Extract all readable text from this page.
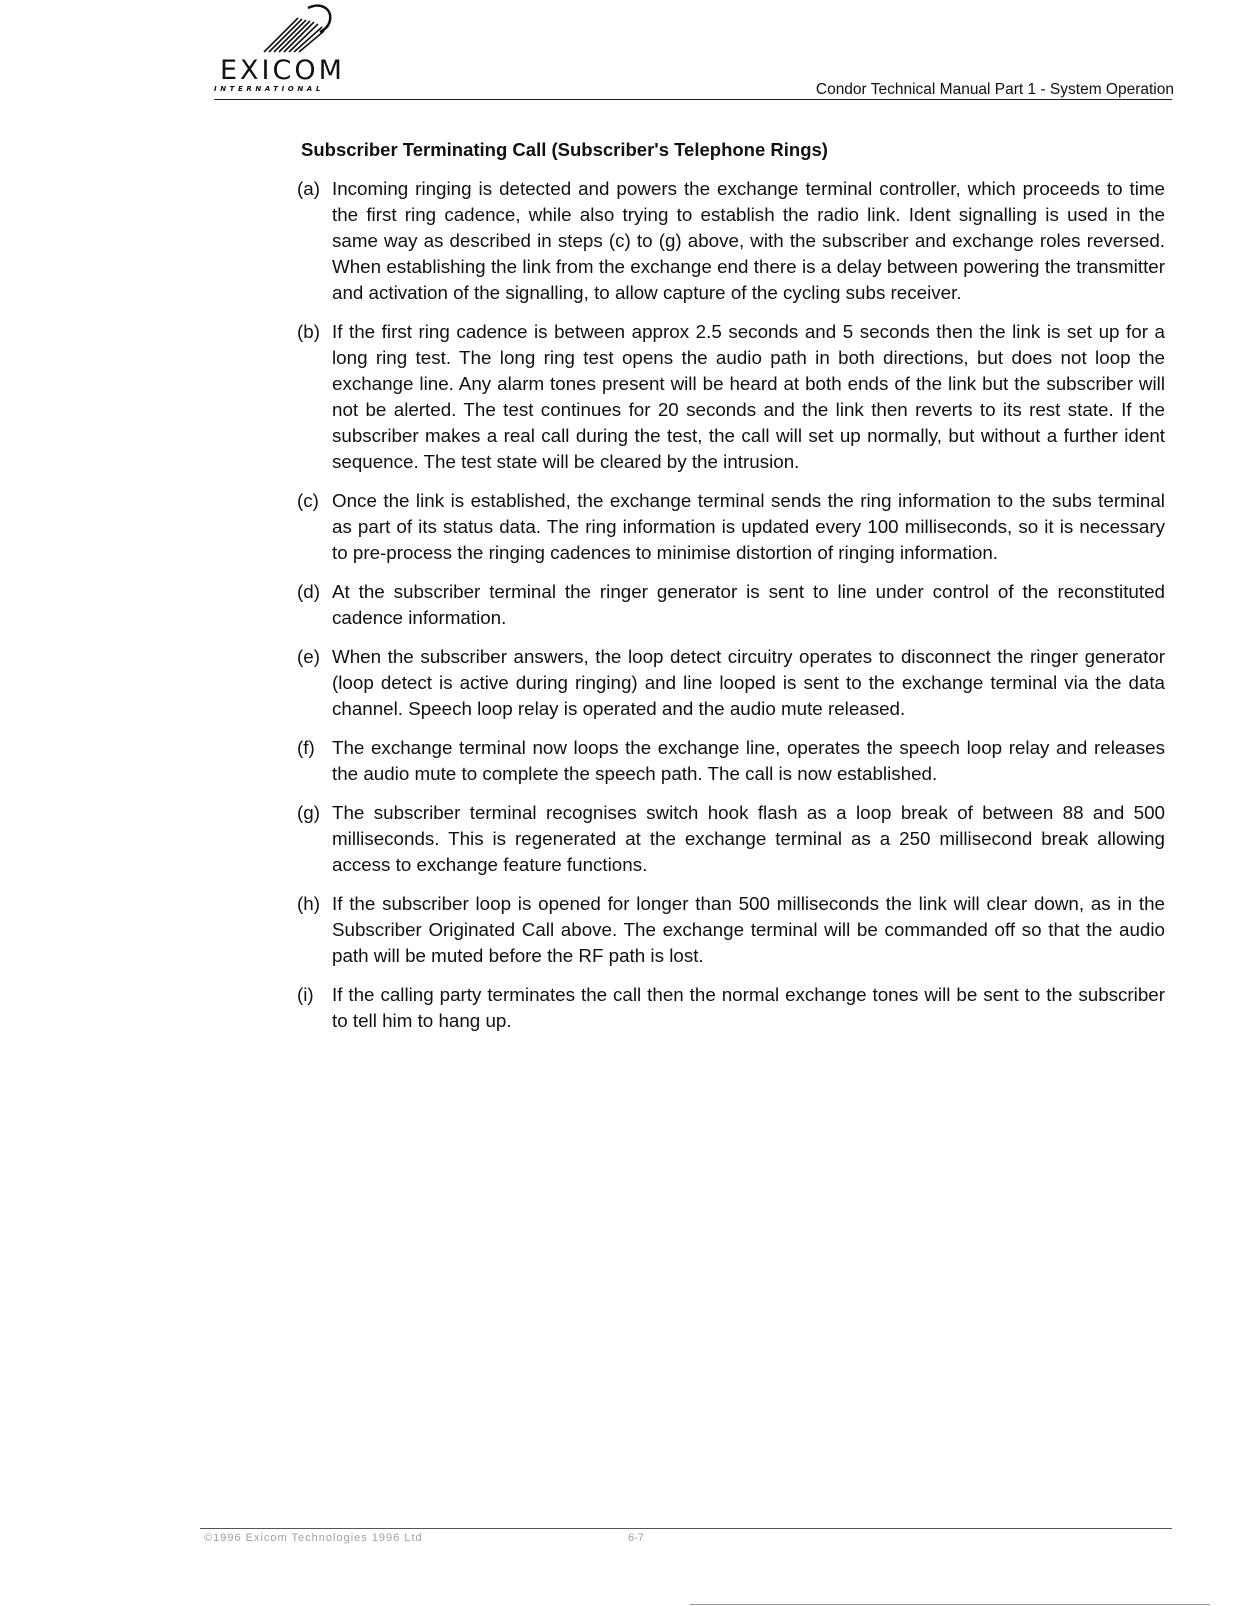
EXICOM
INTERNATIONAL	Condor Technical Manual Part 1 - System Operation
Subscriber Terminating Call (Subscriber's Telephone Rings)
(a) Incoming ringing is detected and powers the exchange terminal controller, which proceeds to time the first ring cadence, while also trying to establish the radio link. Ident signalling is used in the same way as described in steps (c) to (g) above, with the subscriber and exchange roles reversed. When establishing the link from the exchange end there is a delay between powering the transmitter and activation of the signalling, to allow capture of the cycling subs receiver.
(b) If the first ring cadence is between approx 2.5 seconds and 5 seconds then the link is set up for a long ring test. The long ring test opens the audio path in both directions, but does not loop the exchange line. Any alarm tones present will be heard at both ends of the link but the subscriber will not be alerted. The test continues for 20 seconds and the link then reverts to its rest state. If the subscriber makes a real call during the test, the call will set up normally, but without a further ident sequence. The test state will be cleared by the intrusion.
(c) Once the link is established, the exchange terminal sends the ring information to the subs terminal as part of its status data. The ring information is updated every 100 milliseconds, so it is necessary to pre-process the ringing cadences to minimise distortion of ringing information.
(d) At the subscriber terminal the ringer generator is sent to line under control of the reconstituted cadence information.
(e) When the subscriber answers, the loop detect circuitry operates to disconnect the ringer generator (loop detect is active during ringing) and line looped is sent to the exchange terminal via the data channel. Speech loop relay is operated and the audio mute released.
(f) The exchange terminal now loops the exchange line, operates the speech loop relay and releases the audio mute to complete the speech path. The call is now established.
(g) The subscriber terminal recognises switch hook flash as a loop break of between 88 and 500 milliseconds. This is regenerated at the exchange terminal as a 250 millisecond break allowing access to exchange feature functions.
(h) If the subscriber loop is opened for longer than 500 milliseconds the link will clear down, as in the Subscriber Originated Call above. The exchange terminal will be commanded off so that the audio path will be muted before the RF path is lost.
(i) If the calling party terminates the call then the normal exchange tones will be sent to the subscriber to tell him to hang up.
©1996 Exicom Technologies 1996 Ltd	6-7
